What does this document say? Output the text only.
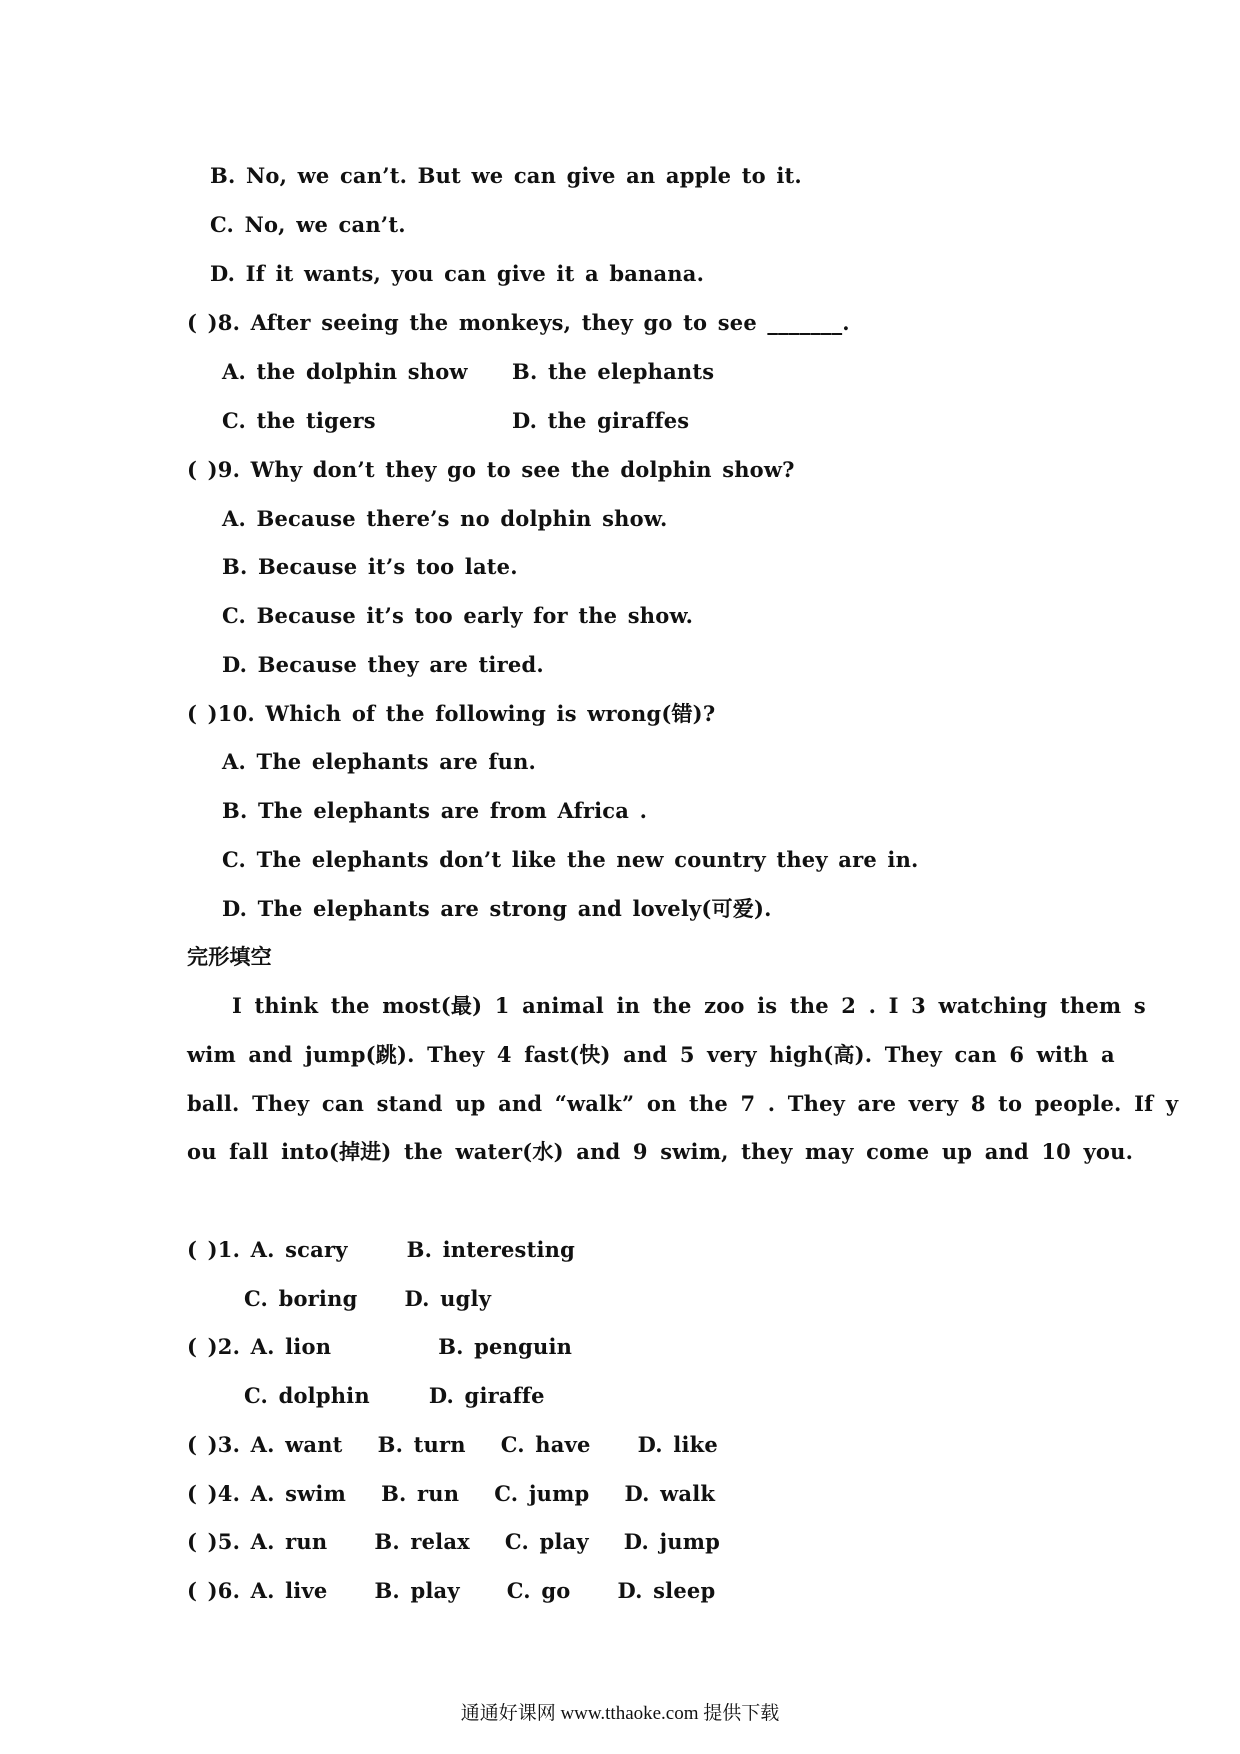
B. No, we can’t. But we can give an apple to it.
C. No, we can’t.
D. If it wants, you can give it a banana.
( )8. After seeing the monkeys, they go to see _______.
A. the dolphin show B. the elephants
C. the tigers	D. the giraffes
( )9. Why don’t they go to see the dolphin show?
A. Because there’s no dolphin show.
B. Because it’s too late.
C. Because it’s too early for the show.
D. Because they are tired.
( )10. Which of the following is wrong(错)?
A. The elephants are fun.
B. The elephants are from Africa .
C. The elephants don’t like the new country they are in.
D. The elephants are strong and lovely(可爱).
完形填空
I think the most(最) 1 animal in the zoo is the 2 . I 3 watching them s
wim and jump(跳). They 4 fast(快) and 5 very high(高). They can 6 with a
ball. They can stand up and “walk” on the 7 . They are very 8 to people. If y
ou fall into(掉进) the water(水) and 9 swim, they may come up and 10 you.
( )1. A. scary	B. interesting
C. boring D. ugly
( )2. A. lion	B. penguin
C. dolphin	D. giraffe
( )3. A. want B. turn C. have D. like
( )4. A. swim B. run C. jump D. walk
( )5. A. run B. relax C. play D. jump
( )6. A. live B. play C. go D. sleep
通通好课网 www.tthaoke.com 提供下载
